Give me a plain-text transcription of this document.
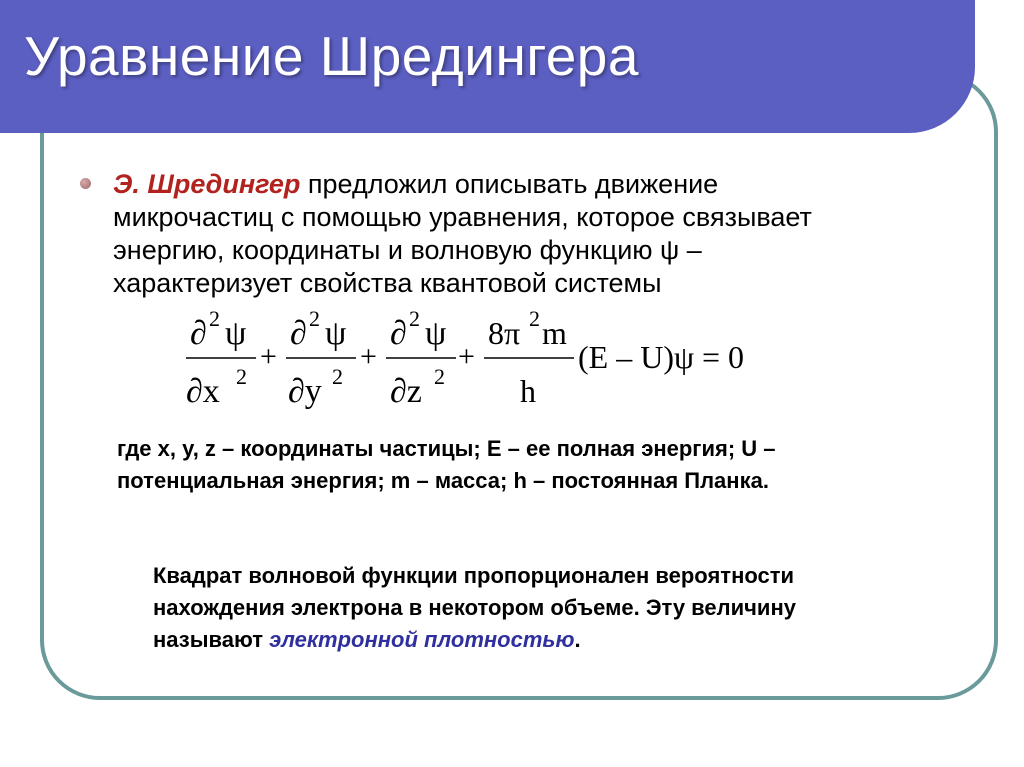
Уравнение Шредингера

Э. Шредингер предложил описывать движение микрочастиц с помощью уравнения, которое связывает энергию, координаты и волновую функцию ψ – характеризует свойства квантовой системы

∂ 2 ψ
∂x 2
+
∂ 2 ψ
∂y 2
+
∂ 2 ψ
∂z 2
+
8π 2 m
h
(E – U)ψ = 0

где x, y, z – координаты частицы; E – ее полная энергия; U – потенциальная энергия; m – масса; h – постоянная Планка.

Квадрат волновой функции пропорционален вероятности нахождения электрона в некотором объеме. Эту величину называют электронной плотностью.
